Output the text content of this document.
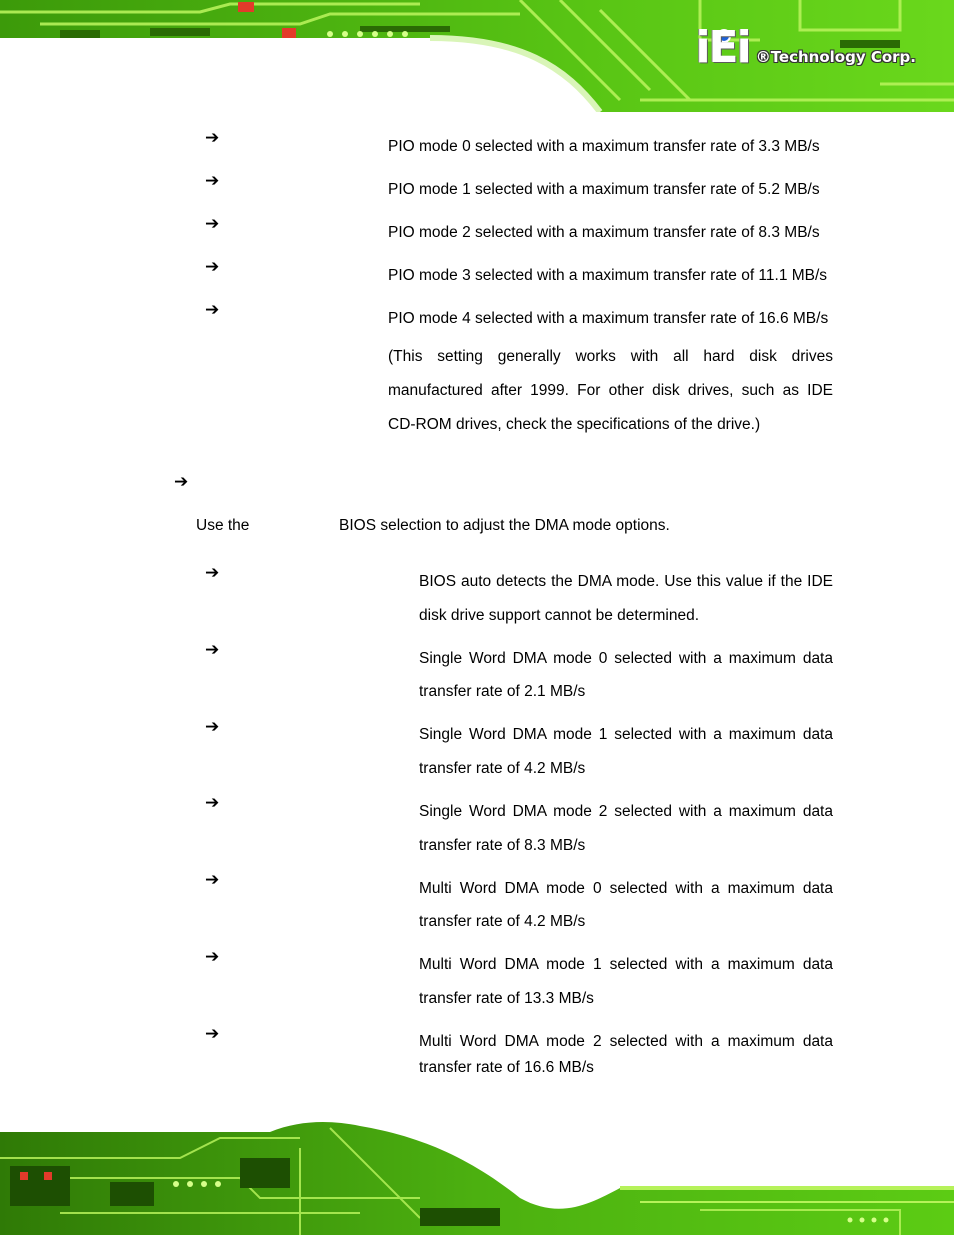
iEi ®Technology Corp.
➔	PIO mode 0 selected with a maximum transfer rate of 3.3 MB/s
➔	PIO mode 1 selected with a maximum transfer rate of 5.2 MB/s
➔	PIO mode 2 selected with a maximum transfer rate of 8.3 MB/s
➔	PIO mode 3 selected with a maximum transfer rate of 11.1 MB/s
➔	PIO mode 4 selected with a maximum transfer rate of 16.6 MB/s
(This setting generally works with all hard disk drives
manufactured after 1999. For other disk drives, such as IDE
CD-ROM drives, check the specifications of the drive.)
➔
Use the	BIOS selection to adjust the DMA mode options.
➔	BIOS auto detects the DMA mode. Use this value if the IDE
disk drive support cannot be determined.
➔	Single Word DMA mode 0 selected with a maximum data
transfer rate of 2.1 MB/s
➔	Single Word DMA mode 1 selected with a maximum data
transfer rate of 4.2 MB/s
➔	Single Word DMA mode 2 selected with a maximum data
transfer rate of 8.3 MB/s
➔	Multi Word DMA mode 0 selected with a maximum data
transfer rate of 4.2 MB/s
➔	Multi Word DMA mode 1 selected with a maximum data
transfer rate of 13.3 MB/s
➔	Multi Word DMA mode 2 selected with a maximum data
transfer rate of 16.6 MB/s
